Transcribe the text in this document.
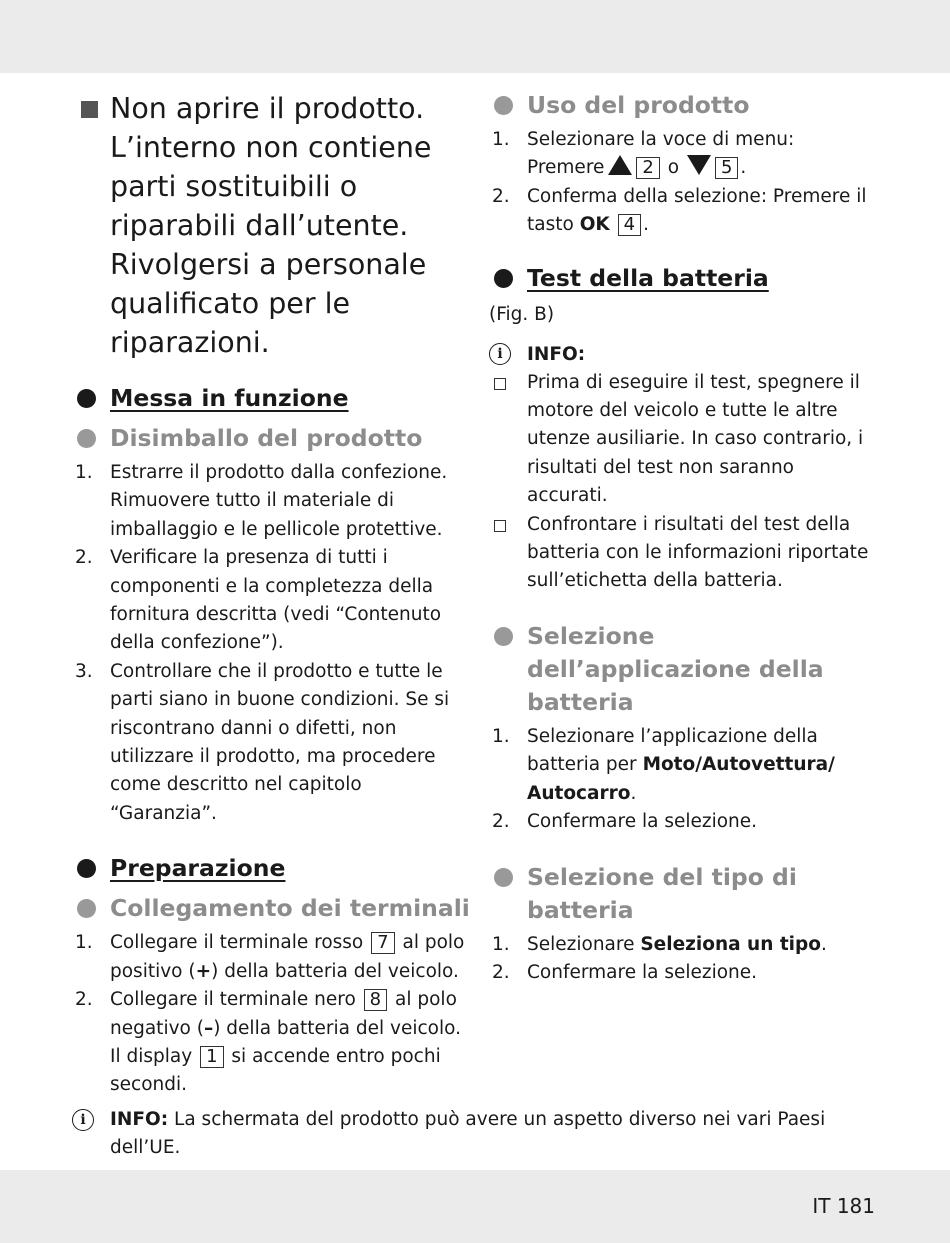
Non aprire il prodotto. L’interno non contiene parti sostituibili o riparabili dall’utente. Rivolgersi a personale qualificato per le riparazioni.
Messa in funzione
Disimballo del prodotto
1. Estrarre il prodotto dalla confezione. Rimuovere tutto il materiale di imballaggio e le pellicole protettive.
2. Verificare la presenza di tutti i componenti e la completezza della fornitura descritta (vedi “Contenuto della confezione”).
3. Controllare che il prodotto e tutte le parti siano in buone condizioni. Se si riscontrano danni o difetti, non utilizzare il prodotto, ma procedere come descritto nel capitolo “Garanzia”.
Preparazione
Collegamento dei terminali
1. Collegare il terminale rosso 7 al polo positivo (+) della batteria del veicolo.
2. Collegare il terminale nero 8 al polo negativo (–) della batteria del veicolo. Il display 1 si accende entro pochi secondi.
Uso del prodotto
1. Selezionare la voce di menu: Premere 2 o 5 .
2. Conferma della selezione: Premere il tasto OK 4 .
Test della batteria
(Fig. B)
i	INFO:
Prima di eseguire il test, spegnere il motore del veicolo e tutte le altre utenze ausiliarie. In caso contrario, i risultati del test non saranno accurati.
Confrontare i risultati del test della batteria con le informazioni riportate sull’etichetta della batteria.
Selezione dell’applicazione della batteria
1. Selezionare l’applicazione della batteria per Moto/Autovettura/ Autocarro.
2. Confermare la selezione.
Selezione del tipo di batteria
1. Selezionare Seleziona un tipo.
2. Confermare la selezione.
i	INFO: La schermata del prodotto può avere un aspetto diverso nei vari Paesi dell’UE.
IT 181
